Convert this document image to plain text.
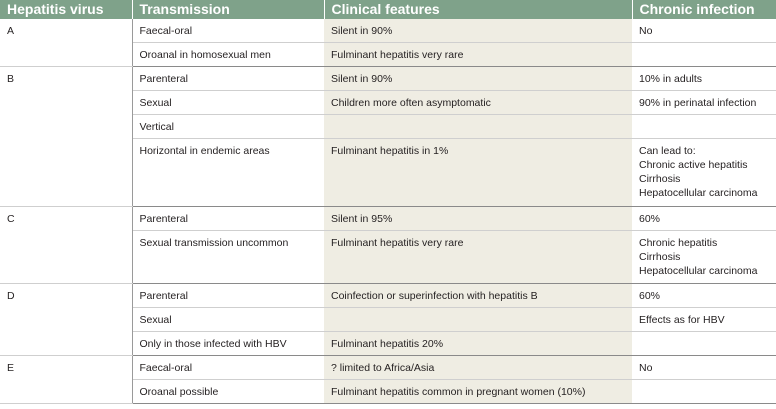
Hepatitis virus	Transmission	Clinical features	Chronic infection
A	Faecal-oral	Silent in 90%	No

	Oroanal in homosexual men	Fulminant hepatitis very rare	
B	Parenteral	Silent in 90%	10% in adults

	Sexual	Children more often asymptomatic	90% in perinatal infection

	Vertical		
	Horizontal in endemic areas	Fulminant hepatitis in 1%	Can lead to:
Chronic active hepatitis
Cirrhosis
Hepatocellular carcinoma

C	Parenteral	Silent in 95%	60%

	Sexual transmission uncommon	Fulminant hepatitis very rare	Chronic hepatitis
Cirrhosis
Hepatocellular carcinoma

D	Parenteral	Coinfection or superinfection with hepatitis B	60%

	Sexual		Effects as for HBV

	Only in those infected with HBV	Fulminant hepatitis 20%	
E	Faecal-oral	? limited to Africa/Asia	No

	Oroanal possible	Fulminant hepatitis common in pregnant women (10%)	
